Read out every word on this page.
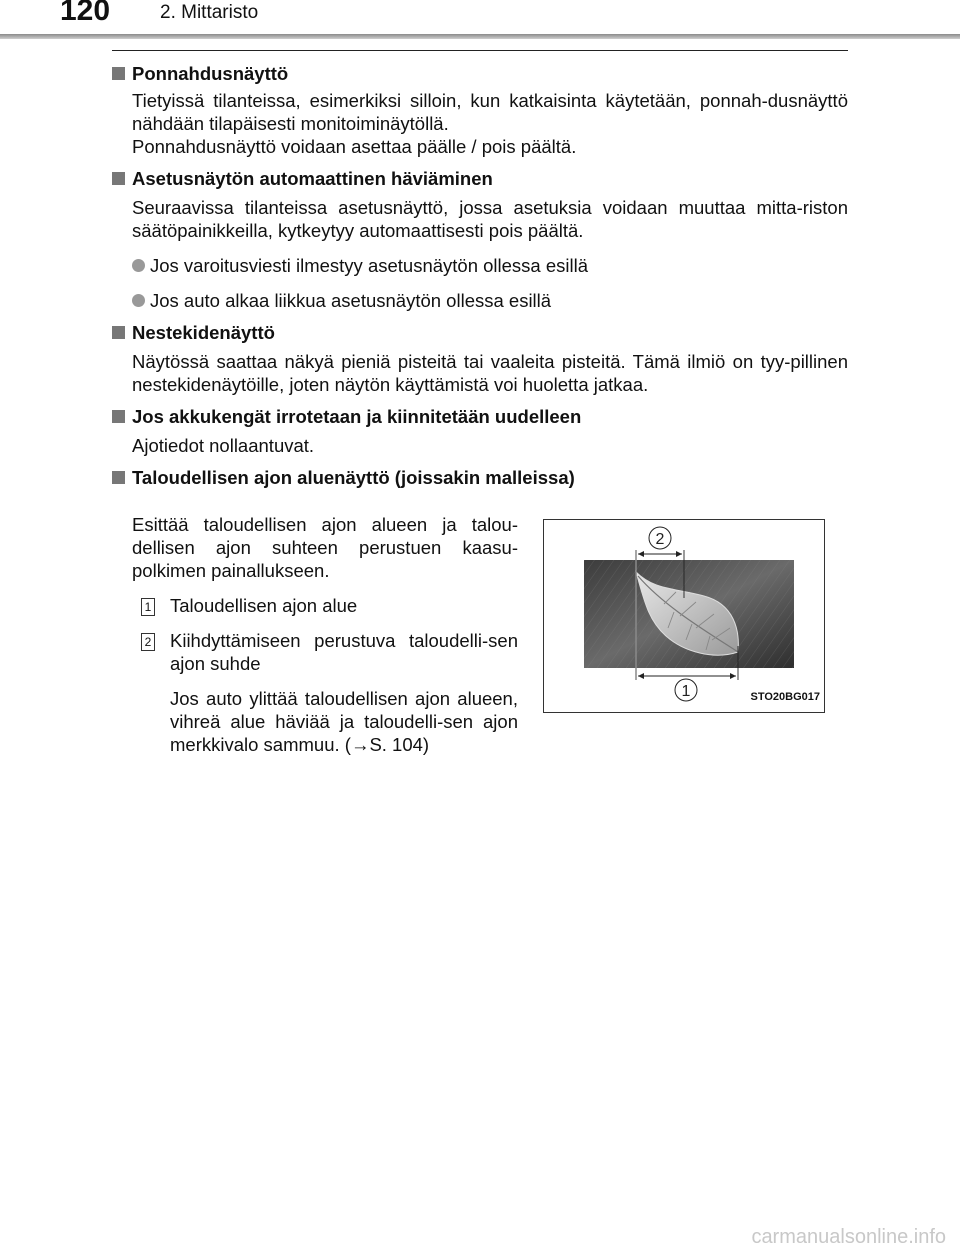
120	2. Mittaristo
Ponnahdusnäyttö
Tietyissä tilanteissa, esimerkiksi silloin, kun katkaisinta käytetään, ponnah-dusnäyttö nähdään tilapäisesti monitoiminäytöllä.
Ponnahdusnäyttö voidaan asettaa päälle / pois päältä.
Asetusnäytön automaattinen häviäminen
Seuraavissa tilanteissa asetusnäyttö, jossa asetuksia voidaan muuttaa mitta-riston säätöpainikkeilla, kytkeytyy automaattisesti pois päältä.
Jos varoitusviesti ilmestyy asetusnäytön ollessa esillä
Jos auto alkaa liikkua asetusnäytön ollessa esillä
Nestekidenäyttö
Näytössä saattaa näkyä pieniä pisteitä tai vaaleita pisteitä. Tämä ilmiö on tyy-pillinen nestekidenäytöille, joten näytön käyttämistä voi huoletta jatkaa.
Jos akkukengät irrotetaan ja kiinnitetään uudelleen
Ajotiedot nollaantuvat.
Taloudellisen ajon aluenäyttö (joissakin malleissa)
Esittää taloudellisen ajon alueen ja talou-dellisen ajon suhteen perustuen kaasu-polkimen painallukseen.
1 Taloudellisen ajon alue
2 Kiihdyttämiseen perustuva taloudelli-sen ajon suhde
Jos auto ylittää taloudellisen ajon alueen, vihreä alue häviää ja taloudelli-sen ajon merkkivalo sammuu. (→S. 104)
2
1	STO20BG017
carmanualsonline.info
